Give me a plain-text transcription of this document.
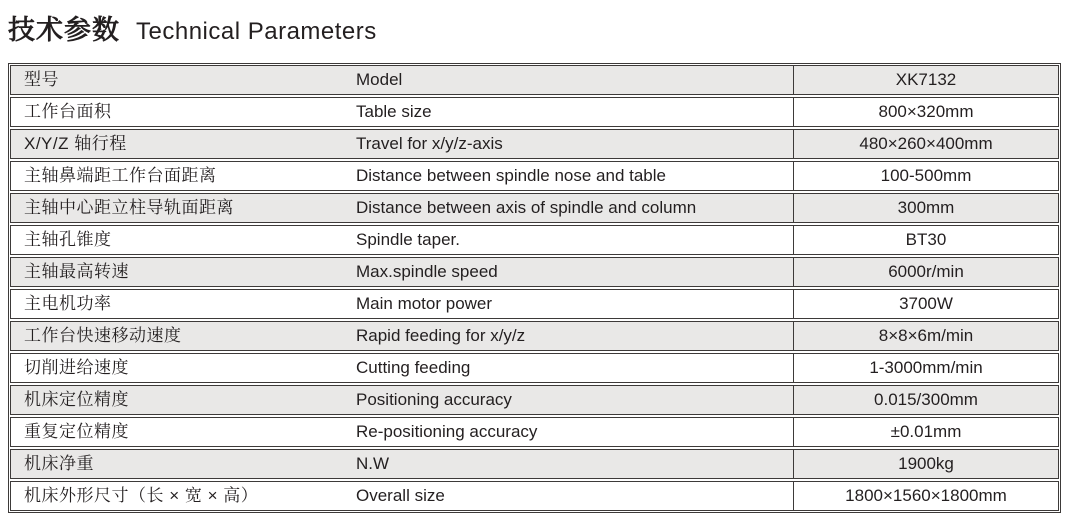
技术参数 Technical Parameters
型号	Model	XK7132
工作台面积	Table size	800×320mm
X/Y/Z 轴行程	Travel for x/y/z-axis	480×260×400mm
主轴鼻端距工作台面距离	Distance between spindle nose and table	100-500mm
主轴中心距立柱导轨面距离	Distance between axis of spindle and column	300mm
主轴孔锥度	Spindle taper.	BT30
主轴最高转速	Max.spindle speed	6000r/min
主电机功率	Main motor power	3700W
工作台快速移动速度	Rapid feeding for x/y/z	8×8×6m/min
切削进给速度	Cutting feeding	1-3000mm/min
机床定位精度	Positioning accuracy	0.015/300mm
重复定位精度	Re-positioning accuracy	±0.01mm
机床净重	N.W	1900kg
机床外形尺寸（长 × 宽 × 高）	Overall size	1800×1560×1800mm
